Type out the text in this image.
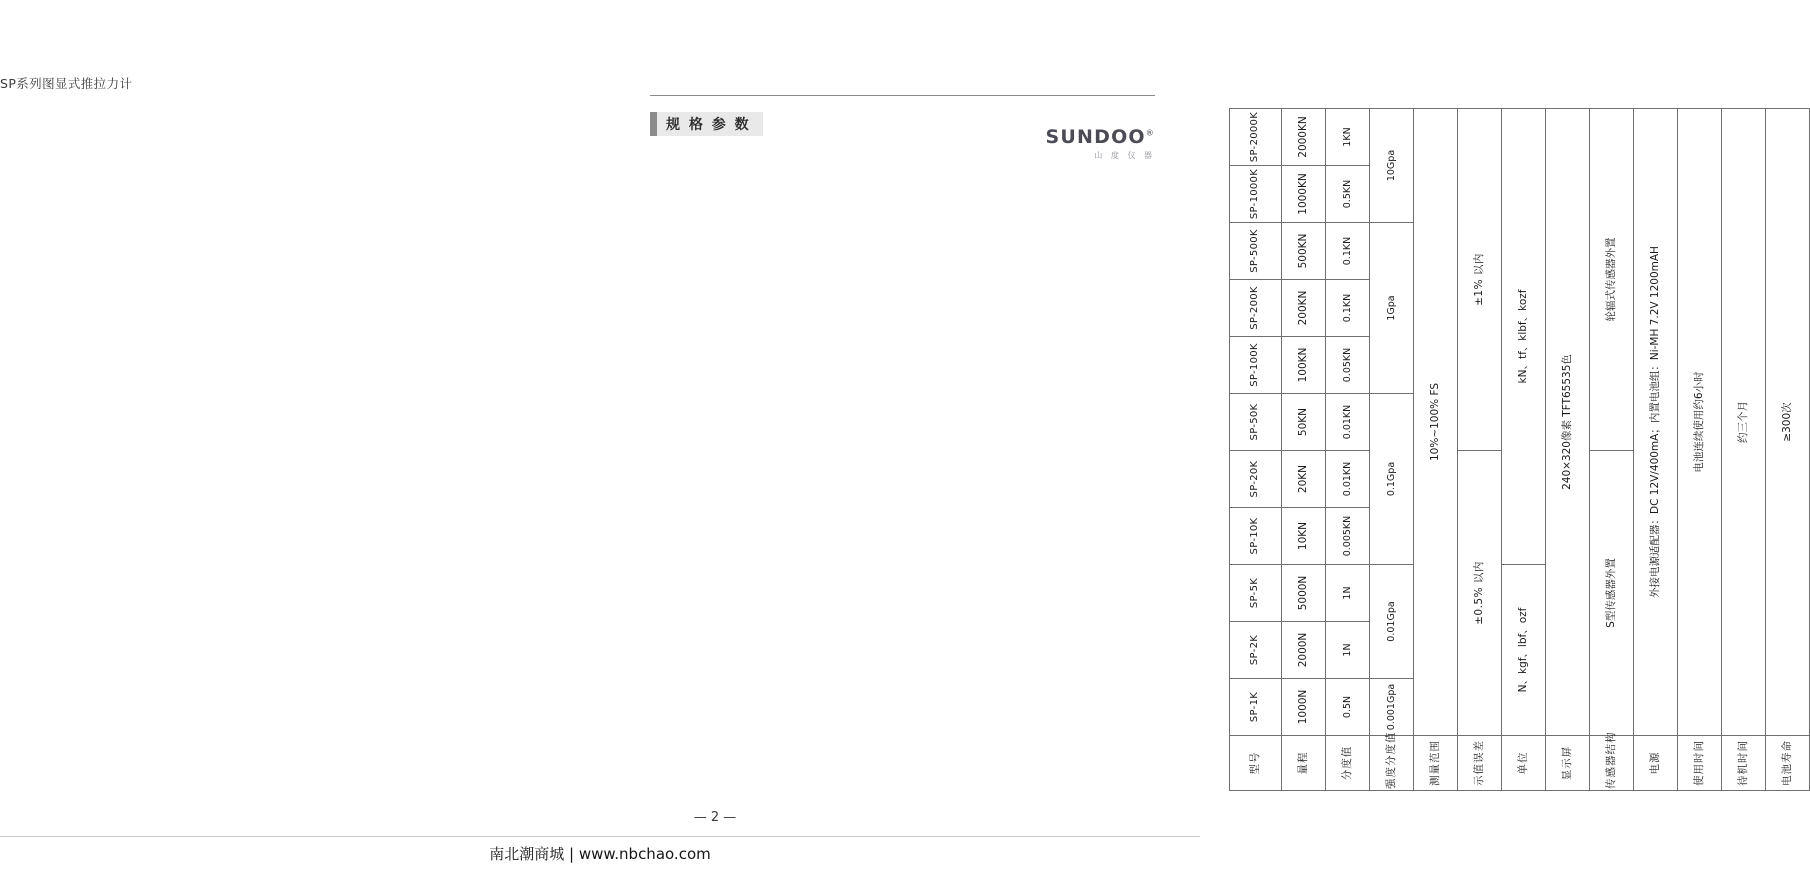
SUNDOO®
山 度 仪 器
SP系列图显式推拉力计
规 格 参 数
型号	SP-1K	SP-2K	SP-5K	SP-10K	SP-20K	SP-50K	SP-100K	SP-200K	SP-500K	SP-1000K	SP-2000K
量程	1000N	2000N	5000N	10KN	20KN	50KN	100KN	200KN	500KN	1000KN	2000KN
分度值	0.5N	1N	1N	0.005KN	0.01KN	0.01KN	0.05KN	0.1KN	0.1KN	0.5KN	1KN
强度分度值	0.001Gpa	0.01Gpa		0.1Gpa			1Gpa			10Gpa	
测量范围	10%~100% FS										
示值误差	±0.5% 以内					±1% 以内					
单位	N、kgf、lbf、ozf			kN、tf、klbf、kozf							
显示屏	240×320像素 TFT65535色										
传感器结构	S型传感器外置					轮辐式传感器外置					
电源	外接电源适配器：DC 12V/400mA；内置电池组：Ni-MH 7.2V 1200mAH										
使用时间	电池连续使用约6小时										
待机时间	约三个月										
电池寿命	≥300次										
— 2 —
南北潮商城 | www.nbchao.com
